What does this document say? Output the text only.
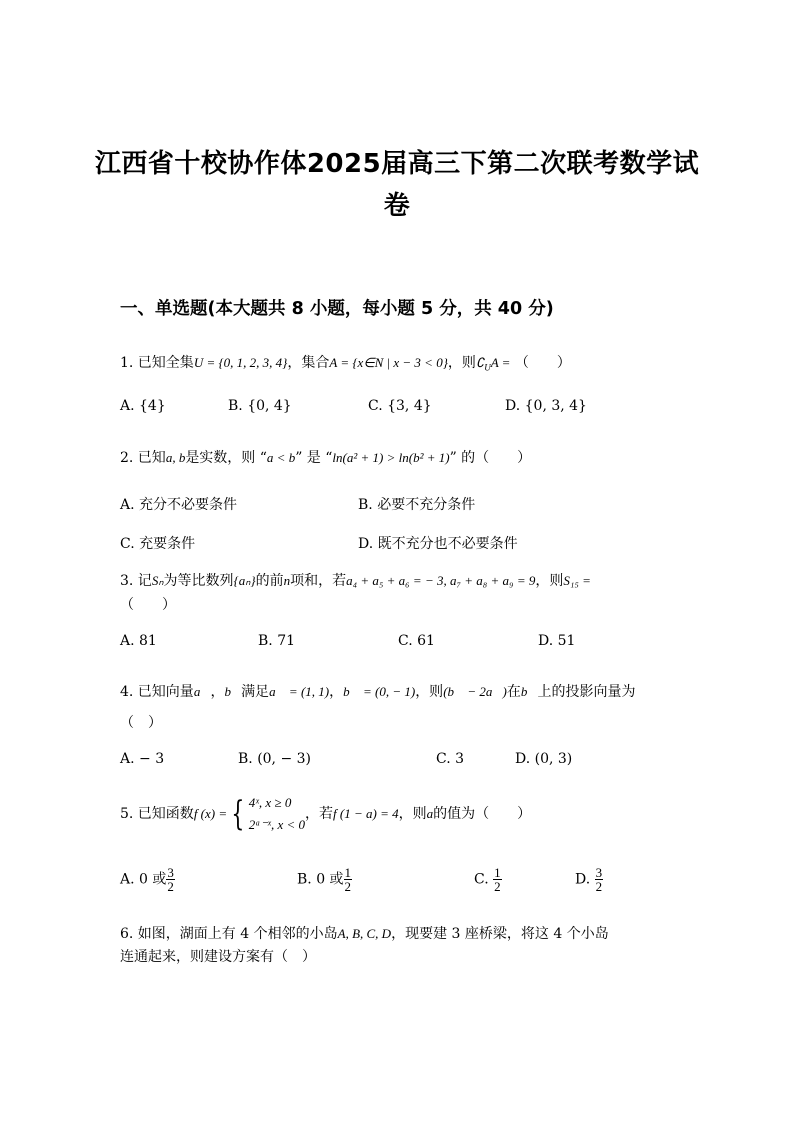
江西省十校协作体2025届高三下第二次联考数学试
卷
一、单选题(本大题共 8 小题，每小题 5 分，共 40 分)
1. 已知全集U = {0, 1, 2, 3, 4}，集合A = {x∈N | x − 3 < 0}，则$∁_UA$ = （　　）
A. {4}	B. {0, 4}	C. {3, 4}	D. {0, 3, 4}
2. 已知a, b是实数，则 “a < b” 是 “ln(a² + 1) > ln(b² + 1)” 的（　　）
A. 充分不必要条件	B. 必要不充分条件
C. 充要条件	D. 既不充分也不必要条件
3. 记Sₙ为等比数列{aₙ}的前n项和，若a₄ + a₅ + a₆ = − 3, a₇ + a₈ + a₉ = 9，则S₁₅ =
（　　）
A. 81	B. 71	C. 61	D. 51
4. 已知向量a⃗，b⃗满足a⃗ = (1, 1)，b⃗ = (0, − 1)，则(b⃗ − 2a⃗)在b⃗上的投影向量为
（　）
A. − 3	B. (0, − 3)	C. 3	D. (0, 3)
5. 已知函数f (x) = { 4ˣ, x ≥ 0
2ᵃ⁻ˣ, x < 0
，若f (1 − a) = 4，则a的值为（　　）
A. 0 或 $\frac{3}{2}$	B. 0 或 $\frac{1}{2}$	C. $\frac{1}{2}$	D. $\frac{3}{2}$
6. 如图，湖面上有 4 个相邻的小岛A, B, C, D，现要建 3 座桥梁，将这 4 个小岛
连通起来，则建设方案有（　）
